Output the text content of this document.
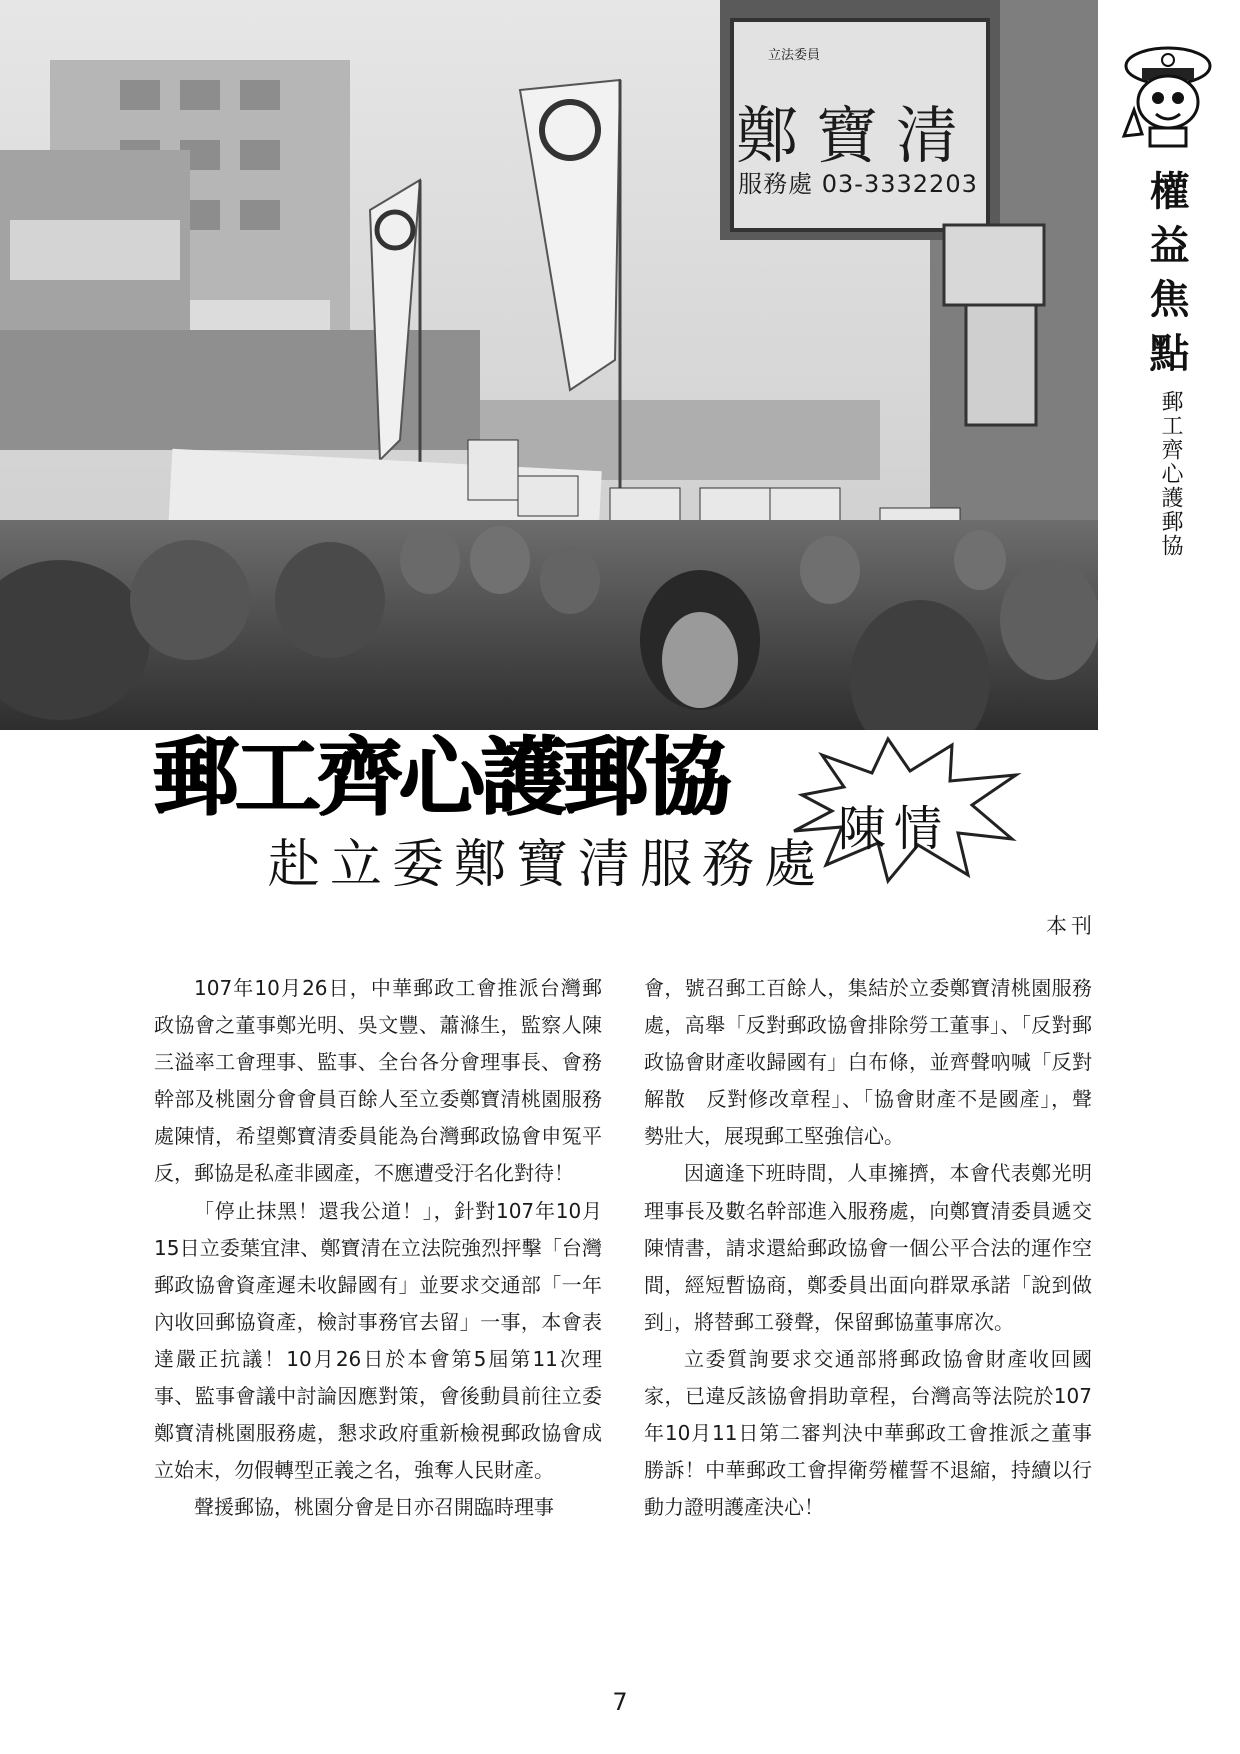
立法委員
鄭寶清
服務處 03-3332203	權益焦點
郵工齊心護郵協
郵工齊心護郵協
赴立委鄭寶清服務處
陳情
本刊

107年10月26日，中華郵政工會推派台灣郵政協會之董事鄭光明、吳文豐、蕭滌生，監察人陳三溢率工會理事、監事、全台各分會理事長、會務幹部及桃園分會會員百餘人至立委鄭寶清桃園服務處陳情，希望鄭寶清委員能為台灣郵政協會申冤平反，郵協是私產非國產，不應遭受汙名化對待！

「停止抹黑！還我公道！」，針對107年10月15日立委葉宜津、鄭寶清在立法院強烈抨擊「台灣郵政協會資產遲未收歸國有」並要求交通部「一年內收回郵協資產，檢討事務官去留」一事，本會表達嚴正抗議！10月26日於本會第5屆第11次理事、監事會議中討論因應對策，會後動員前往立委鄭寶清桃園服務處，懇求政府重新檢視郵政協會成立始末，勿假轉型正義之名，強奪人民財產。

聲援郵協，桃園分會是日亦召開臨時理事

會，號召郵工百餘人，集結於立委鄭寶清桃園服務處，高舉「反對郵政協會排除勞工董事」、「反對郵政協會財產收歸國有」白布條，並齊聲吶喊「反對解散　反對修改章程」、「協會財產不是國產」，聲勢壯大，展現郵工堅強信心。

因適逢下班時間，人車擁擠，本會代表鄭光明理事長及數名幹部進入服務處，向鄭寶清委員遞交陳情書，請求還給郵政協會一個公平合法的運作空間，經短暫協商，鄭委員出面向群眾承諾「說到做到」，將替郵工發聲，保留郵協董事席次。

立委質詢要求交通部將郵政協會財產收回國家，已違反該協會捐助章程，台灣高等法院於107年10月11日第二審判決中華郵政工會推派之董事勝訴！中華郵政工會捍衛勞權誓不退縮，持續以行動力證明護產決心！

7
